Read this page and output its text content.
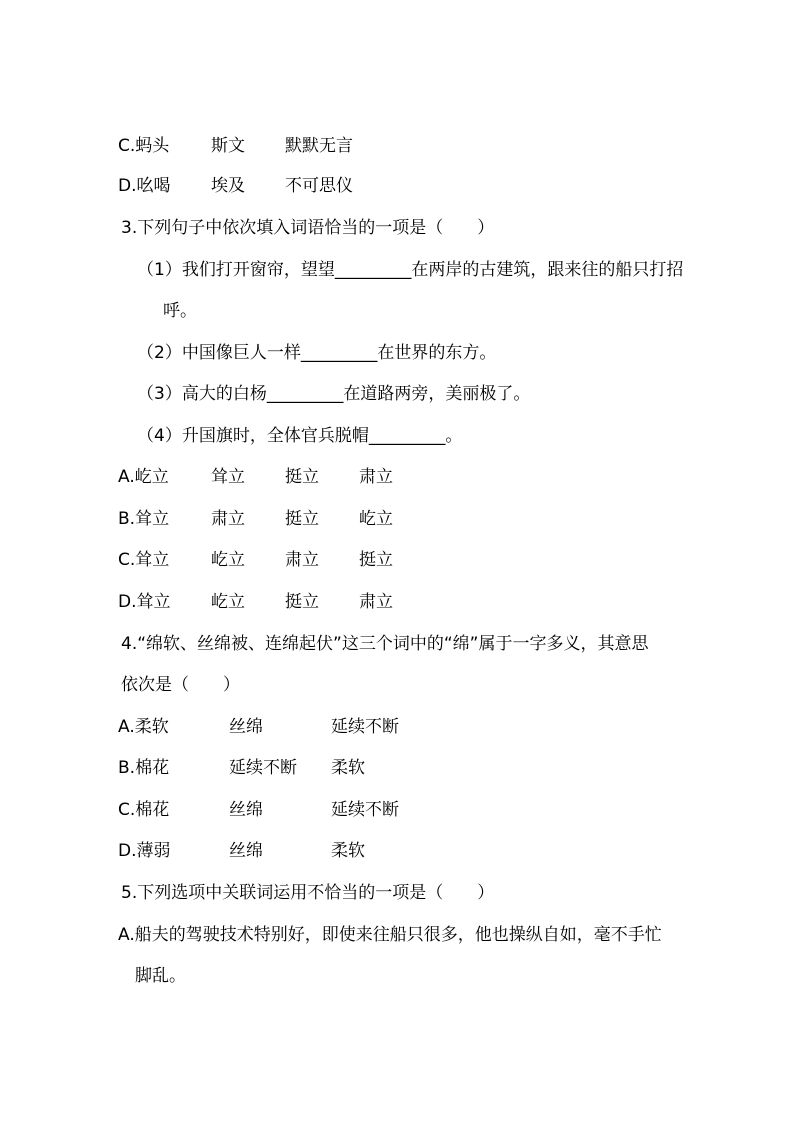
C.蚂头 斯文 默默无言
D.吆喝 埃及 不可思仪
3.下列句子中依次填入词语恰当的一项是（　　）
（1）我们打开窗帘，望望_________在两岸的古建筑，跟来往的船只打招
呼。
（2）中国像巨人一样_________在世界的东方。
（3）高大的白杨_________在道路两旁，美丽极了。
（4）升国旗时，全体官兵脱帽_________。
A.屹立 耸立 挺立 肃立
B.耸立 肃立 挺立 屹立
C.耸立 屹立 肃立 挺立
D.耸立 屹立 挺立 肃立
4.“绵软、丝绵被、连绵起伏”这三个词中的“绵”属于一字多义，其意思
依次是（　　）
A.柔软	丝绵	延续不断
B.棉花	延续不断 柔软
C.棉花	丝绵	延续不断
D.薄弱	丝绵	柔软
5.下列选项中关联词运用不恰当的一项是（　　）
A.船夫的驾驶技术特别好，即使来往船只很多，他也操纵自如，毫不手忙
脚乱。
